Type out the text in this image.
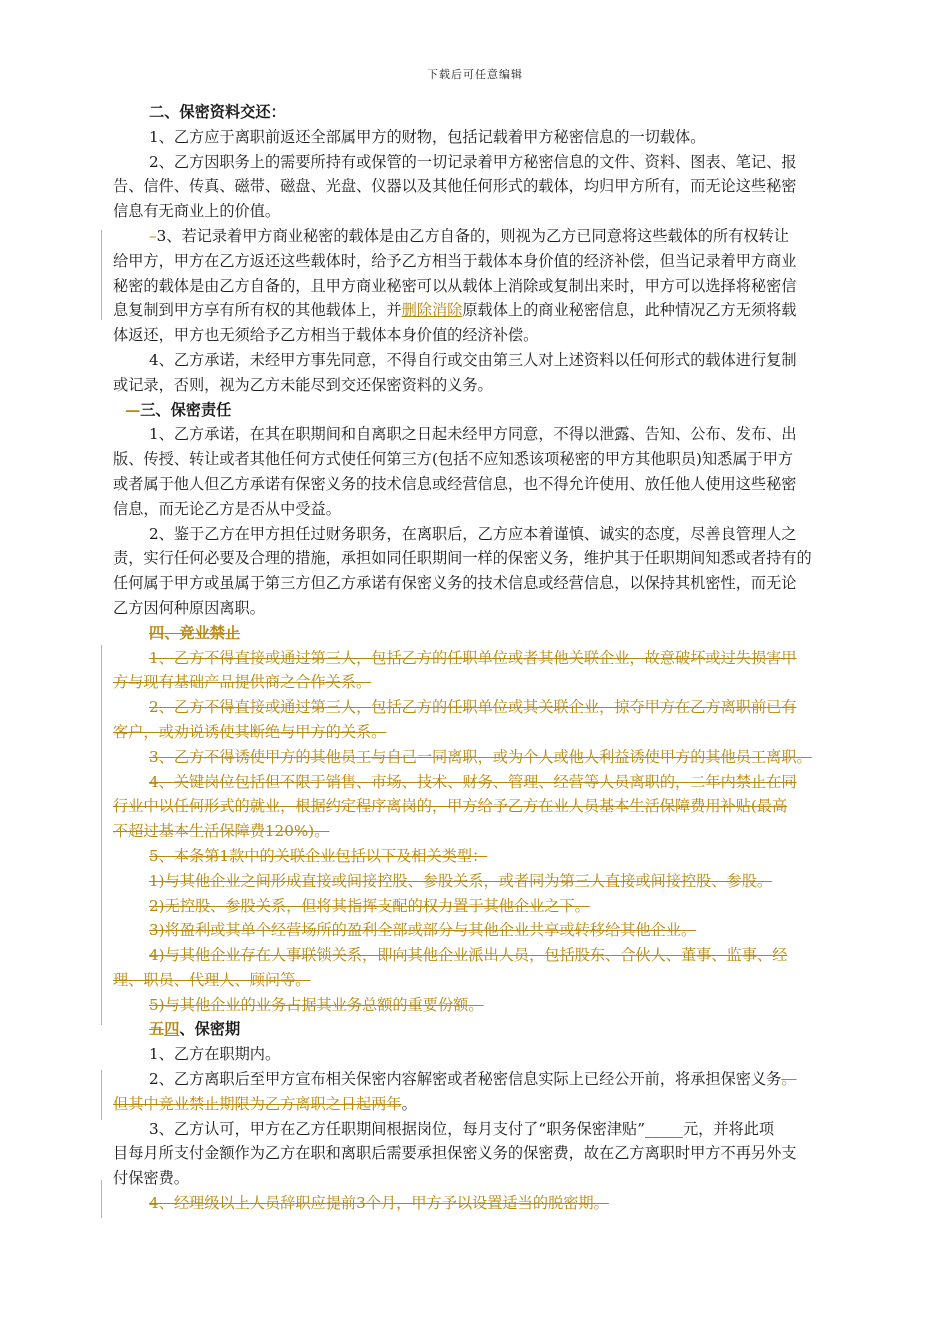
下载后可任意编辑
二、保密资料交还：
1、乙方应于离职前返还全部属甲方的财物，包括记载着甲方秘密信息的一切载体。
2、乙方因职务上的需要所持有或保管的一切记录着甲方秘密信息的文件、资料、图表、笔记、报
告、信件、传真、磁带、磁盘、光盘、仪器以及其他任何形式的载体，均归甲方所有，而无论这些秘密
信息有无商业上的价值。
–3、若记录着甲方商业秘密的载体是由乙方自备的，则视为乙方已同意将这些载体的所有权转让
给甲方，甲方在乙方返还这些载体时，给予乙方相当于载体本身价值的经济补偿，但当记录着甲方商业
秘密的载体是由乙方自备的，且甲方商业秘密可以从载体上消除或复制出来时，甲方可以选择将秘密信
息复制到甲方享有所有权的其他载体上，并删除消除原载体上的商业秘密信息，此种情况乙方无须将载
体返还，甲方也无须给予乙方相当于载体本身价值的经济补偿。
4、乙方承诺，未经甲方事先同意，不得自行或交由第三人对上述资料以任何形式的载体进行复制
或记录，否则，视为乙方未能尽到交还保密资料的义务。
—三、保密责任
1、乙方承诺，在其在职期间和自离职之日起未经甲方同意，不得以泄露、告知、公布、发布、出
版、传授、转让或者其他任何方式使任何第三方(包括不应知悉该项秘密的甲方其他职员)知悉属于甲方
或者属于他人但乙方承诺有保密义务的技术信息或经营信息，也不得允许使用、放任他人使用这些秘密
信息，而无论乙方是否从中受益。
2、鉴于乙方在甲方担任过财务职务，在离职后，乙方应本着谨慎、诚实的态度，尽善良管理人之
责，实行任何必要及合理的措施，承担如同任职期间一样的保密义务，维护其于任职期间知悉或者持有的
任何属于甲方或虽属于第三方但乙方承诺有保密义务的技术信息或经营信息，以保持其机密性，而无论
乙方因何种原因离职。
四、竞业禁止
1、乙方不得直接或通过第三人，包括乙方的任职单位或者其他关联企业，故意破坏或过失损害甲
方与现有基础产品提供商之合作关系。
2、乙方不得直接或通过第三人，包括乙方的任职单位或其关联企业，掠夺甲方在乙方离职前已有
客户，或劝说诱使其断绝与甲方的关系。
3、乙方不得诱使甲方的其他员工与自己一同离职，或为个人或他人利益诱使甲方的其他员工离职。
4、关键岗位包括但不限于销售、市场、技术、财务、管理、经营等人员离职的，二年内禁止在同
行业中以任何形式的就业，根据约定程序离岗的，甲方给予乙方在业人员基本生活保障费用补贴(最高
不超过基本生活保障费120%)。
5、本条第1款中的关联企业包括以下及相关类型：
1)与其他企业之间形成直接或间接控股、参股关系，或者同为第三人直接或间接控股、参股。
2)无控股、参股关系，但将其指挥支配的权力置于其他企业之下。
3)将盈利或其单个经营场所的盈利全部或部分与其他企业共享或转移给其他企业。
4)与其他企业存在人事联锁关系，即向其他企业派出人员，包括股东、合伙人、董事、监事、经
理、职员、代理人、顾问等。
5)与其他企业的业务占据其业务总额的重要份额。
五四、保密期
1、乙方在职期内。
2、乙方离职后至甲方宣布相关保密内容解密或者秘密信息实际上已经公开前，将承担保密义务。
但其中竞业禁止期限为乙方离职之日起两年。
3、乙方认可，甲方在乙方任职期间根据岗位，每月支付了“职务保密津贴”_____元，并将此项
目每月所支付金额作为乙方在职和离职后需要承担保密义务的保密费，故在乙方离职时甲方不再另外支
付保密费。
4、经理级以上人员辞职应提前3个月，甲方予以设置适当的脱密期。
